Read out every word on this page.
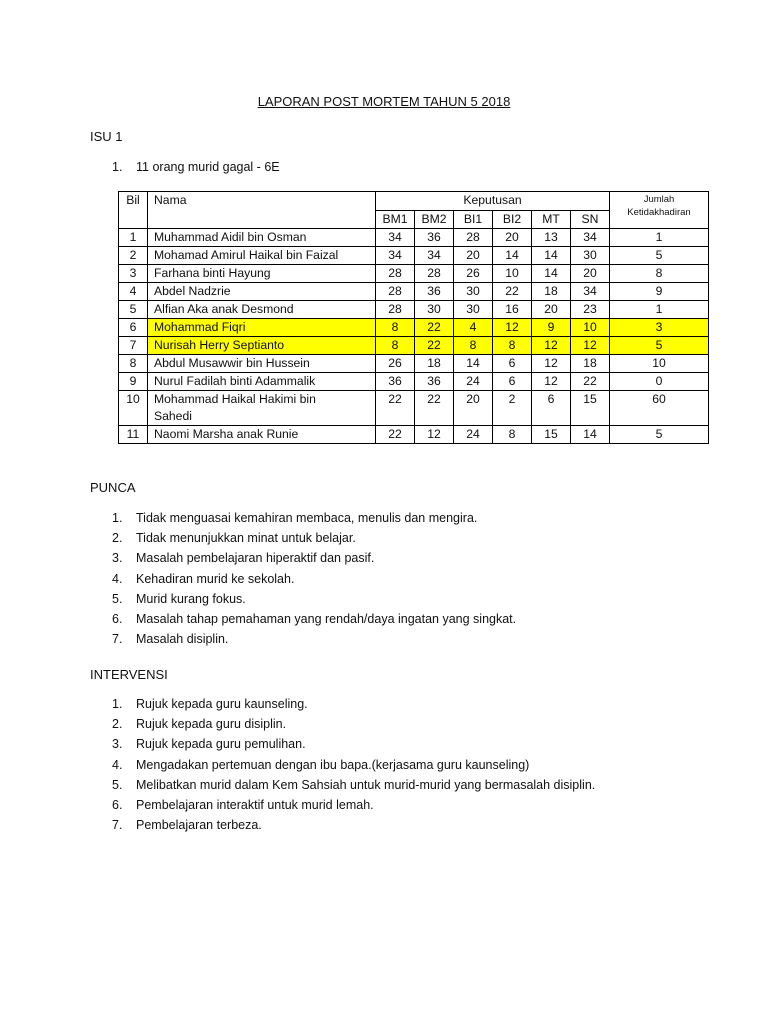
LAPORAN POST MORTEM TAHUN 5 2018
ISU 1
1. 11 orang murid gagal - 6E
Bil	Nama	Keputusan						Jumlah
Ketidakhadiran

		BM1	BM2	BI1	BI2	MT	SN	
1	Muhammad Aidil bin Osman	34	36	28	20	13	34	1
2	Mohamad Amirul Haikal bin Faizal	34	34	20	14	14	30	5
3	Farhana binti Hayung	28	28	26	10	14	20	8
4	Abdel Nadzrie	28	36	30	22	18	34	9
5	Alfian Aka anak Desmond	28	30	30	16	20	23	1
6	Mohammad Fiqri	8	22	4	12	9	10	3
7	Nurisah Herry Septianto	8	22	8	8	12	12	5
8	Abdul Musawwir bin Hussein	26	18	14	6	12	18	10
9	Nurul Fadilah binti Adammalik	36	36	24	6	12	22	0
10	Mohammad Haikal Hakimi bin
Sahedi	22	22	20	2	6	15	60
11	Naomi Marsha anak Runie	22	12	24	8	15	14	5
PUNCA
1. Tidak menguasai kemahiran membaca, menulis dan mengira.
2. Tidak menunjukkan minat untuk belajar.
3. Masalah pembelajaran hiperaktif dan pasif.
4. Kehadiran murid ke sekolah.
5. Murid kurang fokus.
6. Masalah tahap pemahaman yang rendah/daya ingatan yang singkat.
7. Masalah disiplin.
INTERVENSI
1. Rujuk kepada guru kaunseling.
2. Rujuk kepada guru disiplin.
3. Rujuk kepada guru pemulihan.
4. Mengadakan pertemuan dengan ibu bapa.(kerjasama guru kaunseling)
5. Melibatkan murid dalam Kem Sahsiah untuk murid-murid yang bermasalah disiplin.
6. Pembelajaran interaktif untuk murid lemah.
7. Pembelajaran terbeza.
